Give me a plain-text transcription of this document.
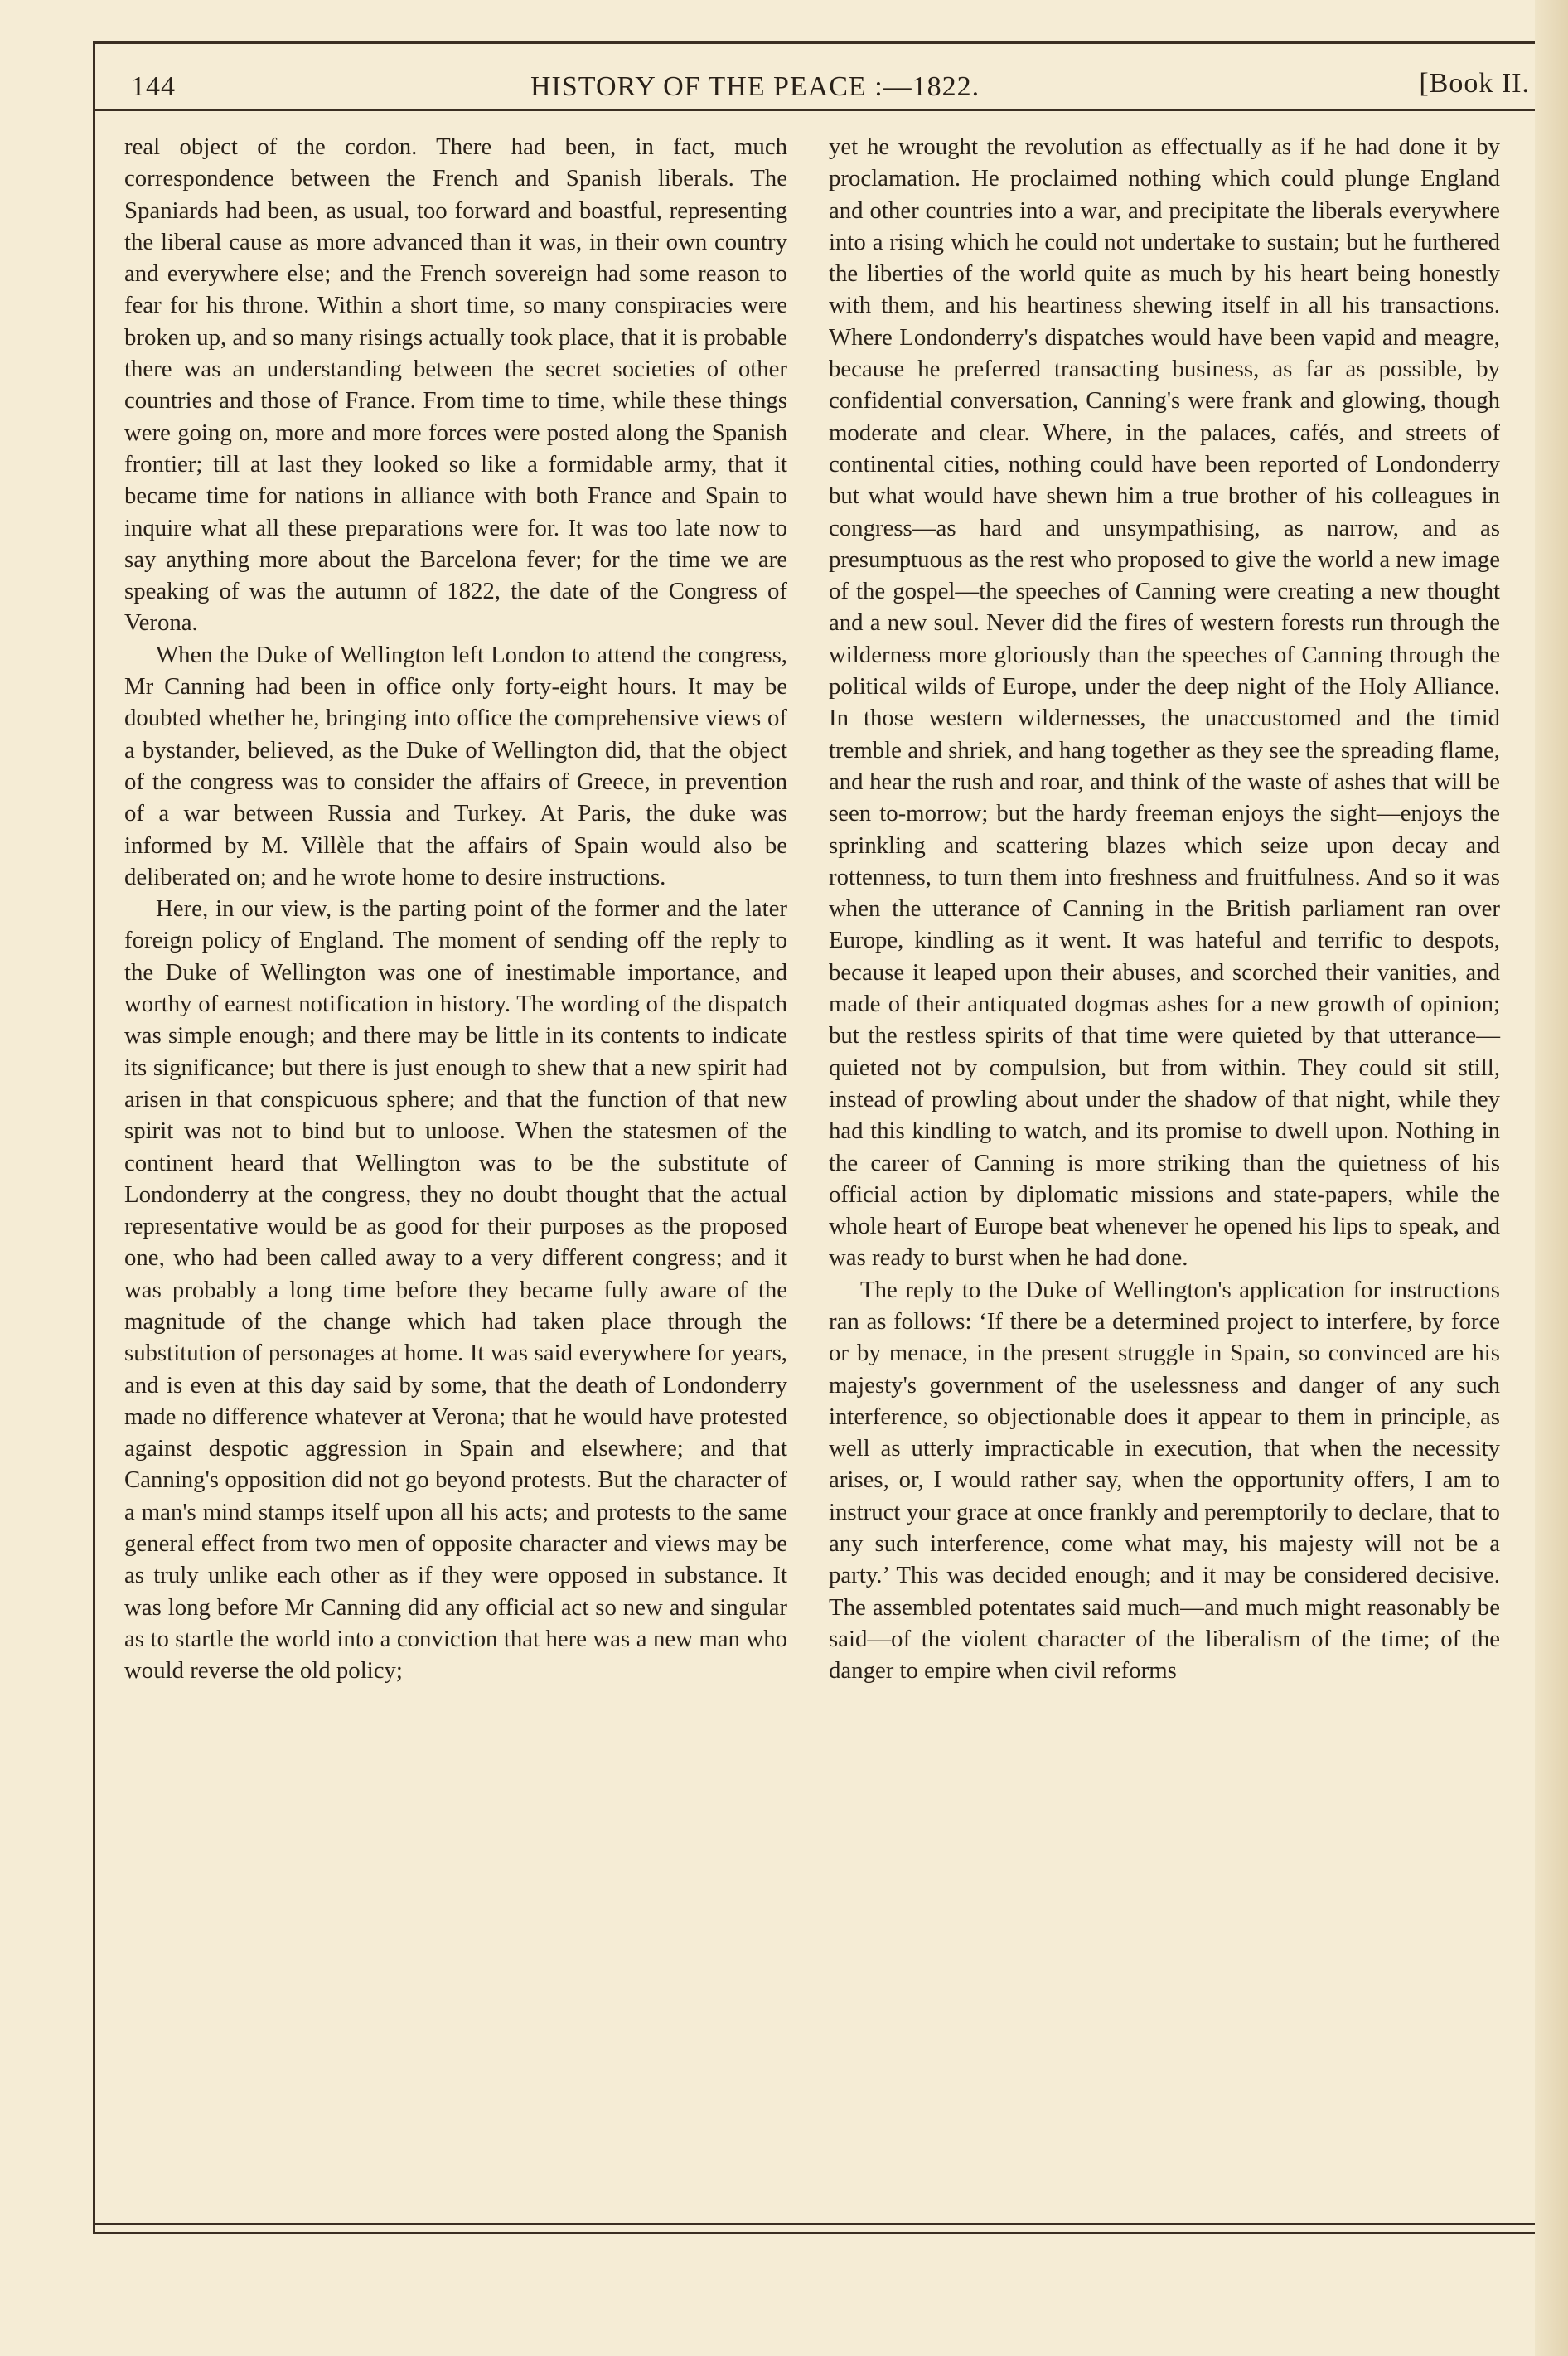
144	HISTORY OF THE PEACE :—1822.	[Book II.

real object of the cordon. There had been, in fact, much correspondence between the French and Spanish liberals. The Spaniards had been, as usual, too forward and boastful, representing the liberal cause as more advanced than it was, in their own country and everywhere else; and the French sovereign had some reason to fear for his throne. Within a short time, so many conspiracies were broken up, and so many risings actually took place, that it is probable there was an understanding between the secret societies of other countries and those of France. From time to time, while these things were going on, more and more forces were posted along the Spanish frontier; till at last they looked so like a formidable army, that it became time for nations in alliance with both France and Spain to inquire what all these preparations were for. It was too late now to say anything more about the Barcelona fever; for the time we are speaking of was the autumn of 1822, the date of the Congress of Verona.

When the Duke of Wellington left London to attend the congress, Mr Canning had been in office only forty-eight hours. It may be doubted whether he, bringing into office the comprehensive views of a bystander, believed, as the Duke of Wellington did, that the object of the congress was to consider the affairs of Greece, in prevention of a war between Russia and Turkey. At Paris, the duke was informed by M. Villèle that the affairs of Spain would also be deliberated on; and he wrote home to desire instructions.

Here, in our view, is the parting point of the former and the later foreign policy of England. The moment of sending off the reply to the Duke of Wellington was one of inestimable importance, and worthy of earnest notification in history. The wording of the dispatch was simple enough; and there may be little in its contents to indicate its significance; but there is just enough to shew that a new spirit had arisen in that conspicuous sphere; and that the function of that new spirit was not to bind but to unloose. When the statesmen of the continent heard that Wellington was to be the substitute of Londonderry at the congress, they no doubt thought that the actual representative would be as good for their purposes as the proposed one, who had been called away to a very different congress; and it was probably a long time before they became fully aware of the magnitude of the change which had taken place through the substitution of personages at home. It was said everywhere for years, and is even at this day said by some, that the death of Londonderry made no difference whatever at Verona; that he would have protested against despotic aggression in Spain and elsewhere; and that Canning's opposition did not go beyond protests. But the character of a man's mind stamps itself upon all his acts; and protests to the same general effect from two men of opposite character and views may be as truly unlike each other as if they were opposed in substance. It was long before Mr Canning did any official act so new and singular as to startle the world into a conviction that here was a new man who would reverse the old policy;

yet he wrought the revolution as effectually as if he had done it by proclamation. He proclaimed nothing which could plunge England and other countries into a war, and precipitate the liberals everywhere into a rising which he could not undertake to sustain; but he furthered the liberties of the world quite as much by his heart being honestly with them, and his heartiness shewing itself in all his transactions. Where Londonderry's dispatches would have been vapid and meagre, because he preferred transacting business, as far as possible, by confidential conversation, Canning's were frank and glowing, though moderate and clear. Where, in the palaces, cafés, and streets of continental cities, nothing could have been reported of Londonderry but what would have shewn him a true brother of his colleagues in congress—as hard and unsympathising, as narrow, and as presumptuous as the rest who proposed to give the world a new image of the gospel—the speeches of Canning were creating a new thought and a new soul. Never did the fires of western forests run through the wilderness more gloriously than the speeches of Canning through the political wilds of Europe, under the deep night of the Holy Alliance. In those western wildernesses, the unaccustomed and the timid tremble and shriek, and hang together as they see the spreading flame, and hear the rush and roar, and think of the waste of ashes that will be seen to-morrow; but the hardy freeman enjoys the sight—enjoys the sprinkling and scattering blazes which seize upon decay and rottenness, to turn them into freshness and fruitfulness. And so it was when the utterance of Canning in the British parliament ran over Europe, kindling as it went. It was hateful and terrific to despots, because it leaped upon their abuses, and scorched their vanities, and made of their antiquated dogmas ashes for a new growth of opinion; but the restless spirits of that time were quieted by that utterance—quieted not by compulsion, but from within. They could sit still, instead of prowling about under the shadow of that night, while they had this kindling to watch, and its promise to dwell upon. Nothing in the career of Canning is more striking than the quietness of his official action by diplomatic missions and state-papers, while the whole heart of Europe beat whenever he opened his lips to speak, and was ready to burst when he had done.

The reply to the Duke of Wellington's application for instructions ran as follows: ‘If there be a determined project to interfere, by force or by menace, in the present struggle in Spain, so convinced are his majesty's government of the uselessness and danger of any such interference, so objectionable does it appear to them in principle, as well as utterly impracticable in execution, that when the necessity arises, or, I would rather say, when the opportunity offers, I am to instruct your grace at once frankly and peremptorily to declare, that to any such interference, come what may, his majesty will not be a party.’ This was decided enough; and it may be considered decisive. The assembled potentates said much—and much might reasonably be said—of the violent character of the liberalism of the time; of the danger to empire when civil reforms
